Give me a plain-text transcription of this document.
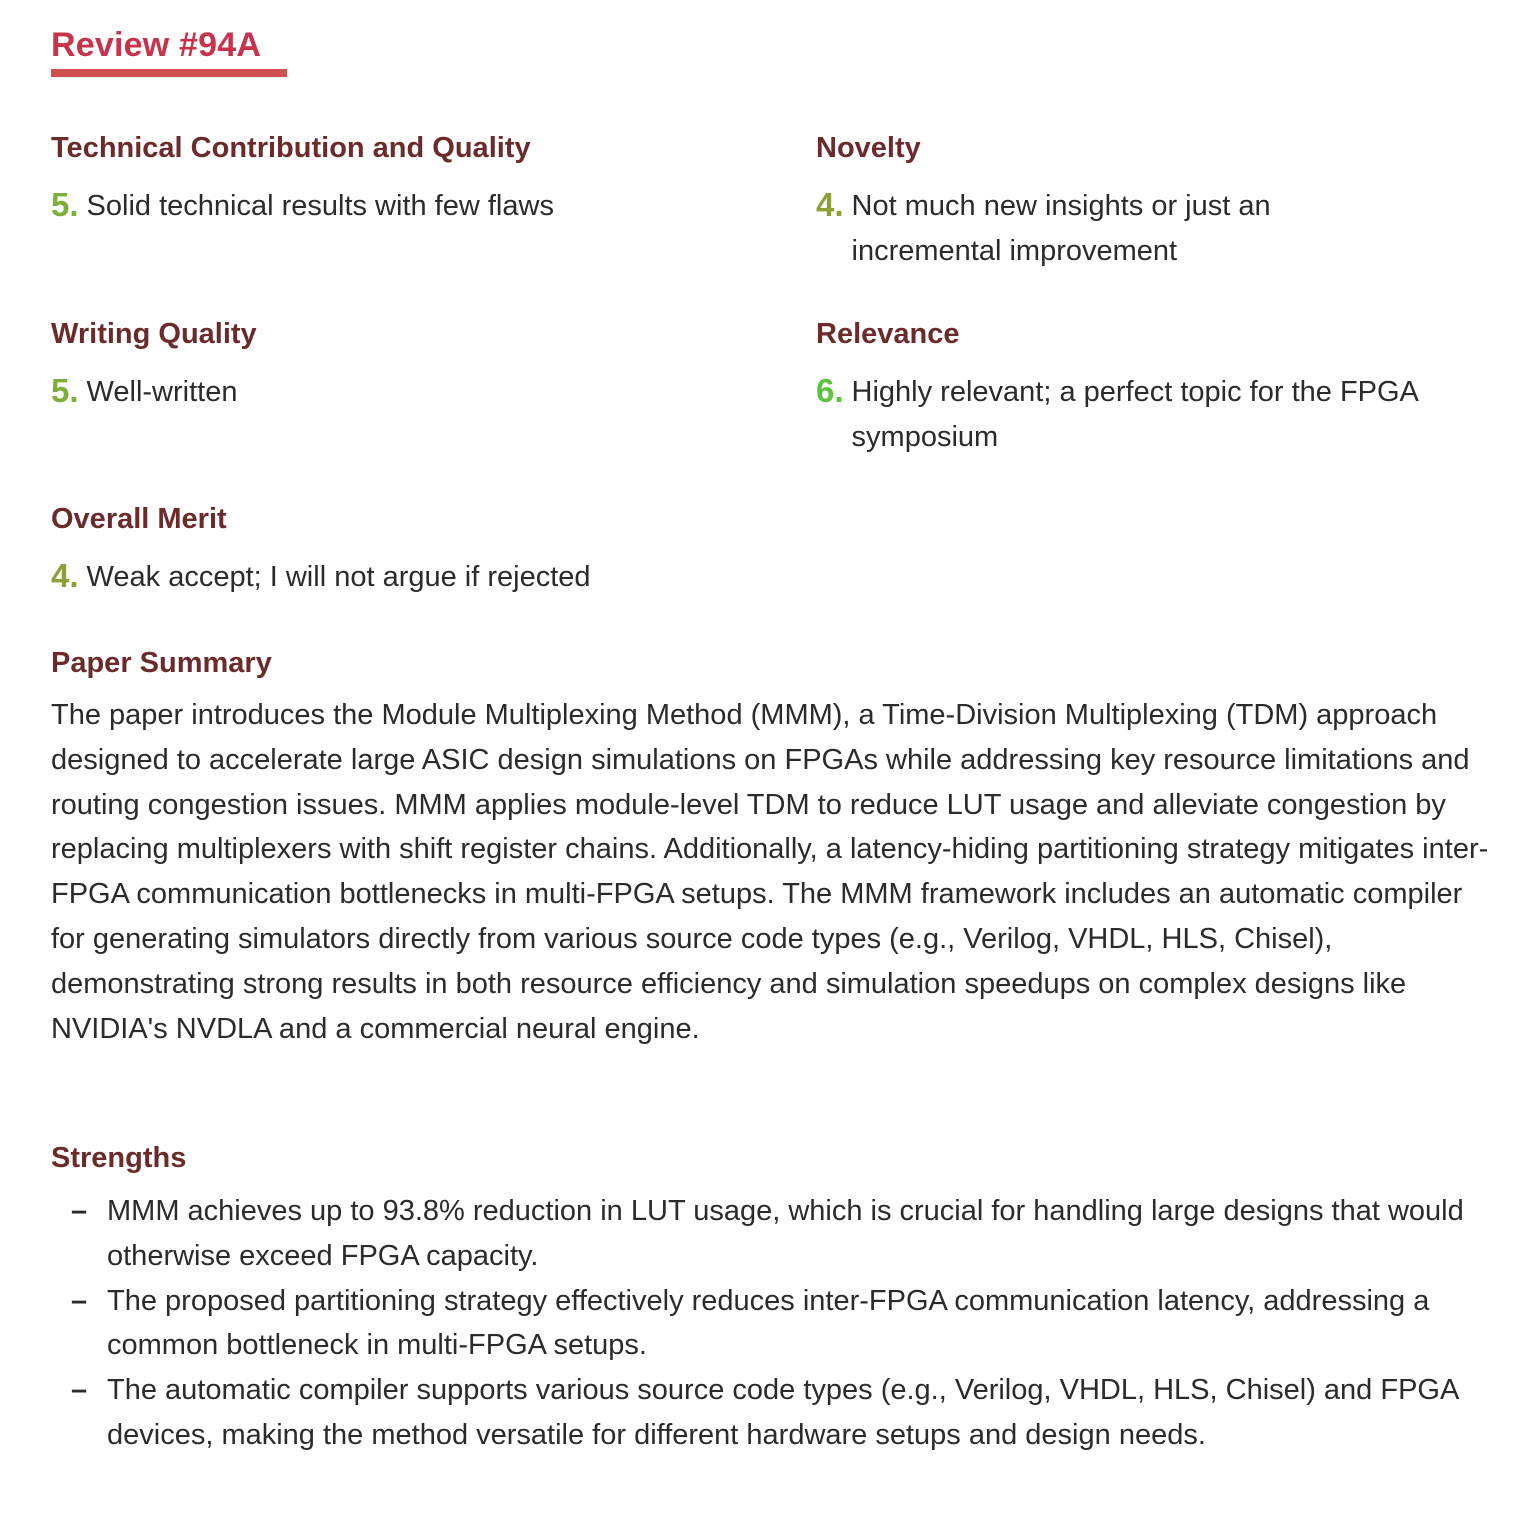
Review #94A
Technical Contribution and Quality
5. Solid technical results with few flaws
Novelty
4. Not much new insights or just an incremental improvement
Writing Quality
5. Well-written
Relevance
6. Highly relevant; a perfect topic for the FPGA symposium
Overall Merit
4. Weak accept; I will not argue if rejected
Paper Summary
The paper introduces the Module Multiplexing Method (MMM), a Time-Division Multiplexing (TDM) approach designed to accelerate large ASIC design simulations on FPGAs while addressing key resource limitations and routing congestion issues. MMM applies module-level TDM to reduce LUT usage and alleviate congestion by replacing multiplexers with shift register chains. Additionally, a latency-hiding partitioning strategy mitigates inter-FPGA communication bottlenecks in multi-FPGA setups. The MMM framework includes an automatic compiler for generating simulators directly from various source code types (e.g., Verilog, VHDL, HLS, Chisel), demonstrating strong results in both resource efficiency and simulation speedups on complex designs like NVIDIA's NVDLA and a commercial neural engine.
Strengths
– MMM achieves up to 93.8% reduction in LUT usage, which is crucial for handling large designs that would otherwise exceed FPGA capacity.
– The proposed partitioning strategy effectively reduces inter-FPGA communication latency, addressing a common bottleneck in multi-FPGA setups.
– The automatic compiler supports various source code types (e.g., Verilog, VHDL, HLS, Chisel) and FPGA devices, making the method versatile for different hardware setups and design needs.
